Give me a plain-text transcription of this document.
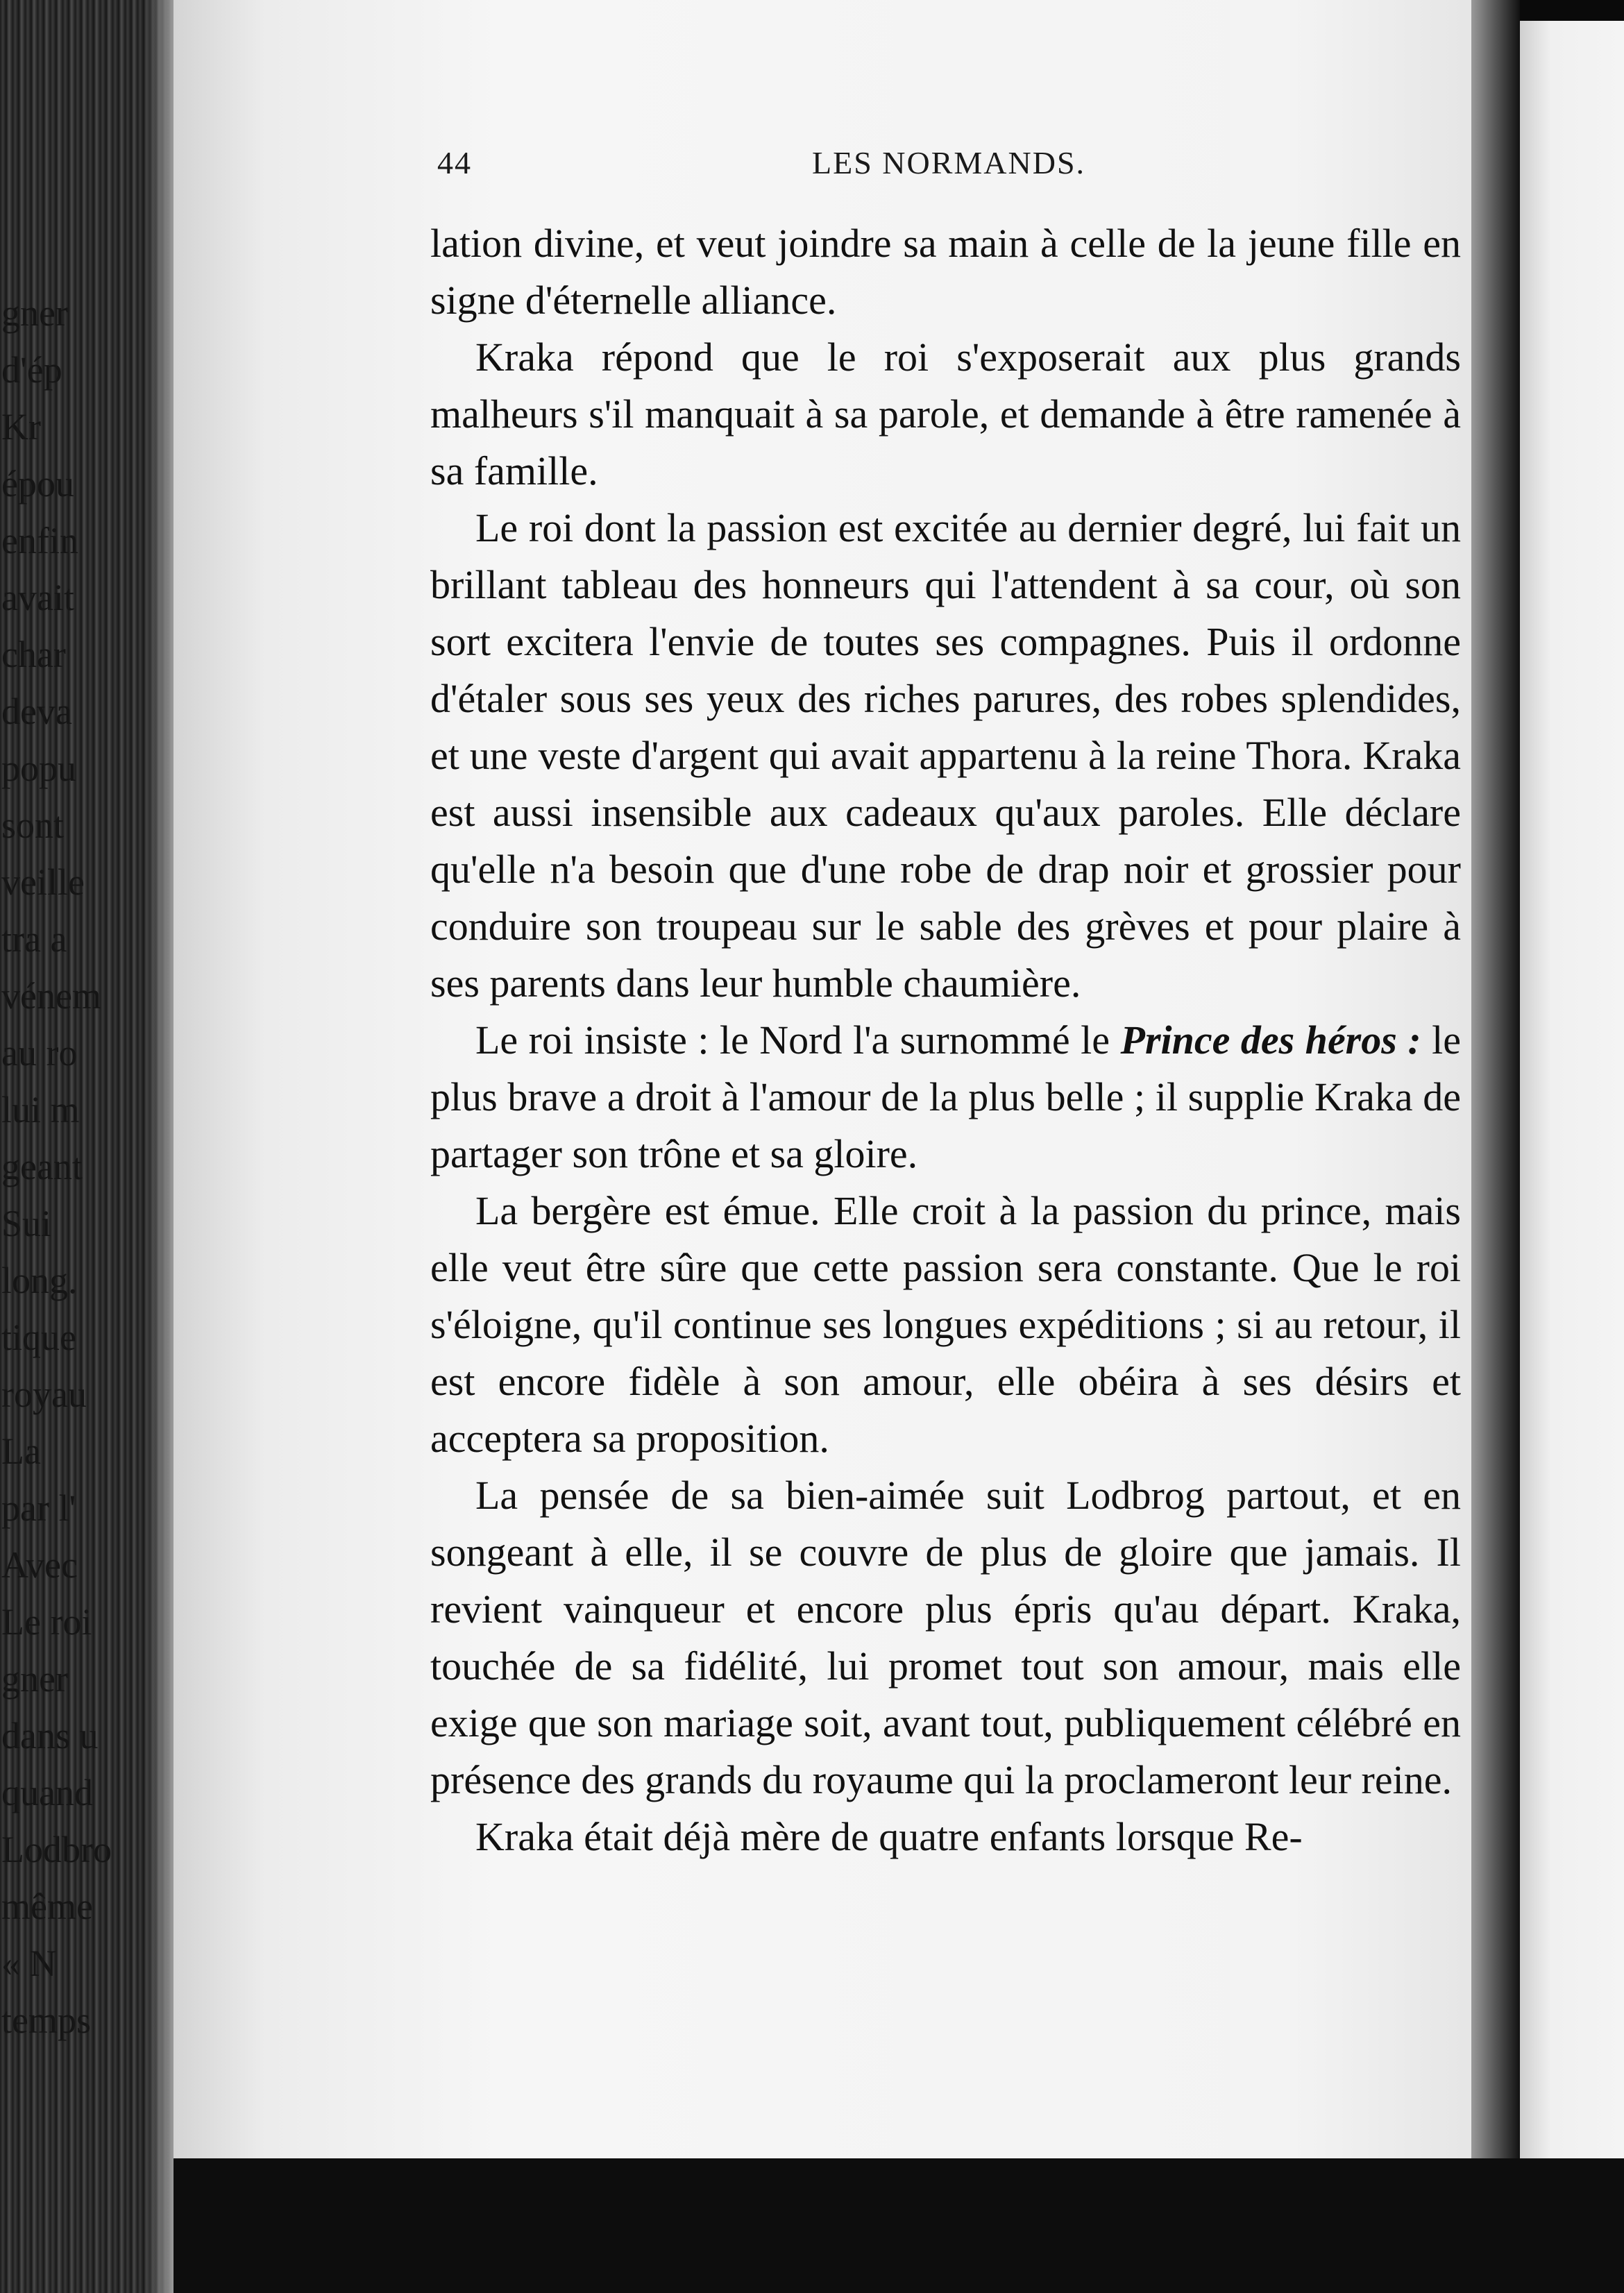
44	LES NORMANDS.

lation divine, et veut joindre sa main à celle de la jeune fille en signe d'éternelle alliance.

Kraka répond que le roi s'exposerait aux plus grands malheurs s'il manquait à sa parole, et demande à être ramenée à sa famille.

Le roi dont la passion est excitée au dernier degré, lui fait un brillant tableau des honneurs qui l'attendent à sa cour, où son sort excitera l'envie de toutes ses compagnes. Puis il ordonne d'étaler sous ses yeux des riches parures, des robes splendides, et une veste d'argent qui avait appartenu à la reine Thora. Kraka est aussi insensible aux cadeaux qu'aux paroles. Elle déclare qu'elle n'a besoin que d'une robe de drap noir et grossier pour conduire son troupeau sur le sable des grèves et pour plaire à ses parents dans leur humble chaumière.

Le roi insiste : le Nord l'a surnommé le Prince des héros : le plus brave a droit à l'amour de la plus belle ; il supplie Kraka de partager son trône et sa gloire.

La bergère est émue. Elle croit à la passion du prince, mais elle veut être sûre que cette passion sera constante. Que le roi s'éloigne, qu'il continue ses longues expéditions ; si au retour, il est encore fidèle à son amour, elle obéira à ses désirs et acceptera sa proposition.

La pensée de sa bien-aimée suit Lodbrog partout, et en songeant à elle, il se couvre de plus de gloire que jamais. Il revient vainqueur et encore plus épris qu'au départ. Kraka, touchée de sa fidélité, lui promet tout son amour, mais elle exige que son mariage soit, avant tout, publiquement célébré en présence des grands du royaume qui la proclameront leur reine.

Kraka était déjà mère de quatre enfants lorsque Re-

gner
d'ép
Kr
épou
enfin
avait
char
deva
popu
sont
veille
tra a
vénem
au ro
lui m
geant
Sui
long.
tique
royau
La
par l'
Avec
Le roi
gner
dans u
quand
Lodbro
même
« N
temps
